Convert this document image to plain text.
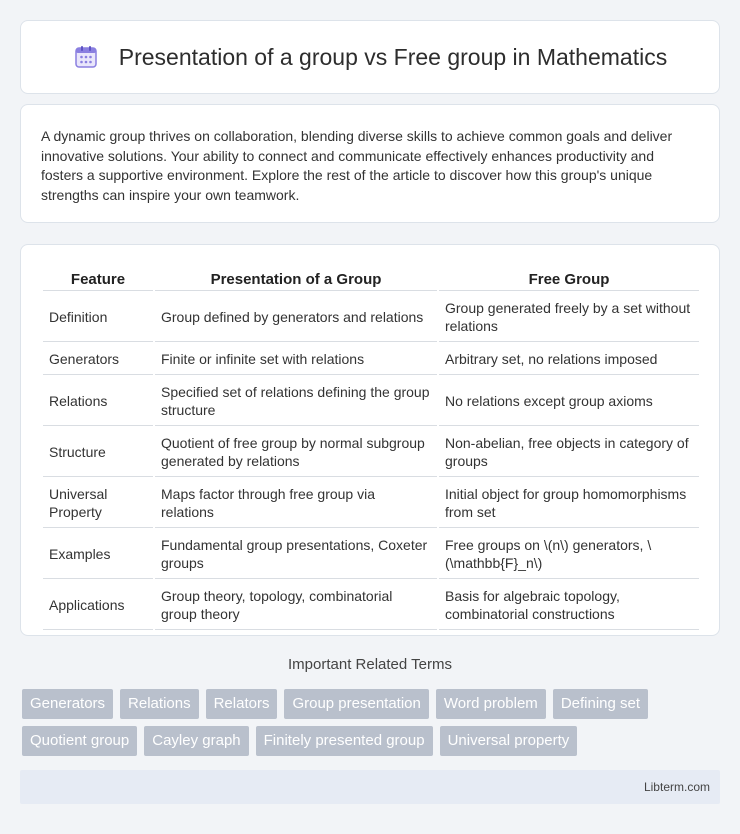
Presentation of a group vs Free group in Mathematics

A dynamic group thrives on collaboration, blending diverse skills to achieve common goals and deliver innovative solutions. Your ability to connect and communicate effectively enhances productivity and fosters a supportive environment. Explore the rest of the article to discover how this group's unique strengths can inspire your own teamwork.

Feature	Presentation of a Group	Free Group
Definition	Group defined by generators and relations	Group generated freely by a set without relations
Generators	Finite or infinite set with relations	Arbitrary set, no relations imposed
Relations	Specified set of relations defining the group structure	No relations except group axioms
Structure	Quotient of free group by normal subgroup generated by relations	Non-abelian, free objects in category of groups
Universal Property	Maps factor through free group via relations	Initial object for group homomorphisms from set
Examples	Fundamental group presentations, Coxeter groups	Free groups on \(n\) generators, \(\mathbb{F}_n\)
Applications	Group theory, topology, combinatorial group theory	Basis for algebraic topology, combinatorial constructions
Important Related Terms
Generators	Relations	Relators	Group presentation	Word problem	Defining set
Quotient group	Cayley graph	Finitely presented group	Universal property
Libterm.com
